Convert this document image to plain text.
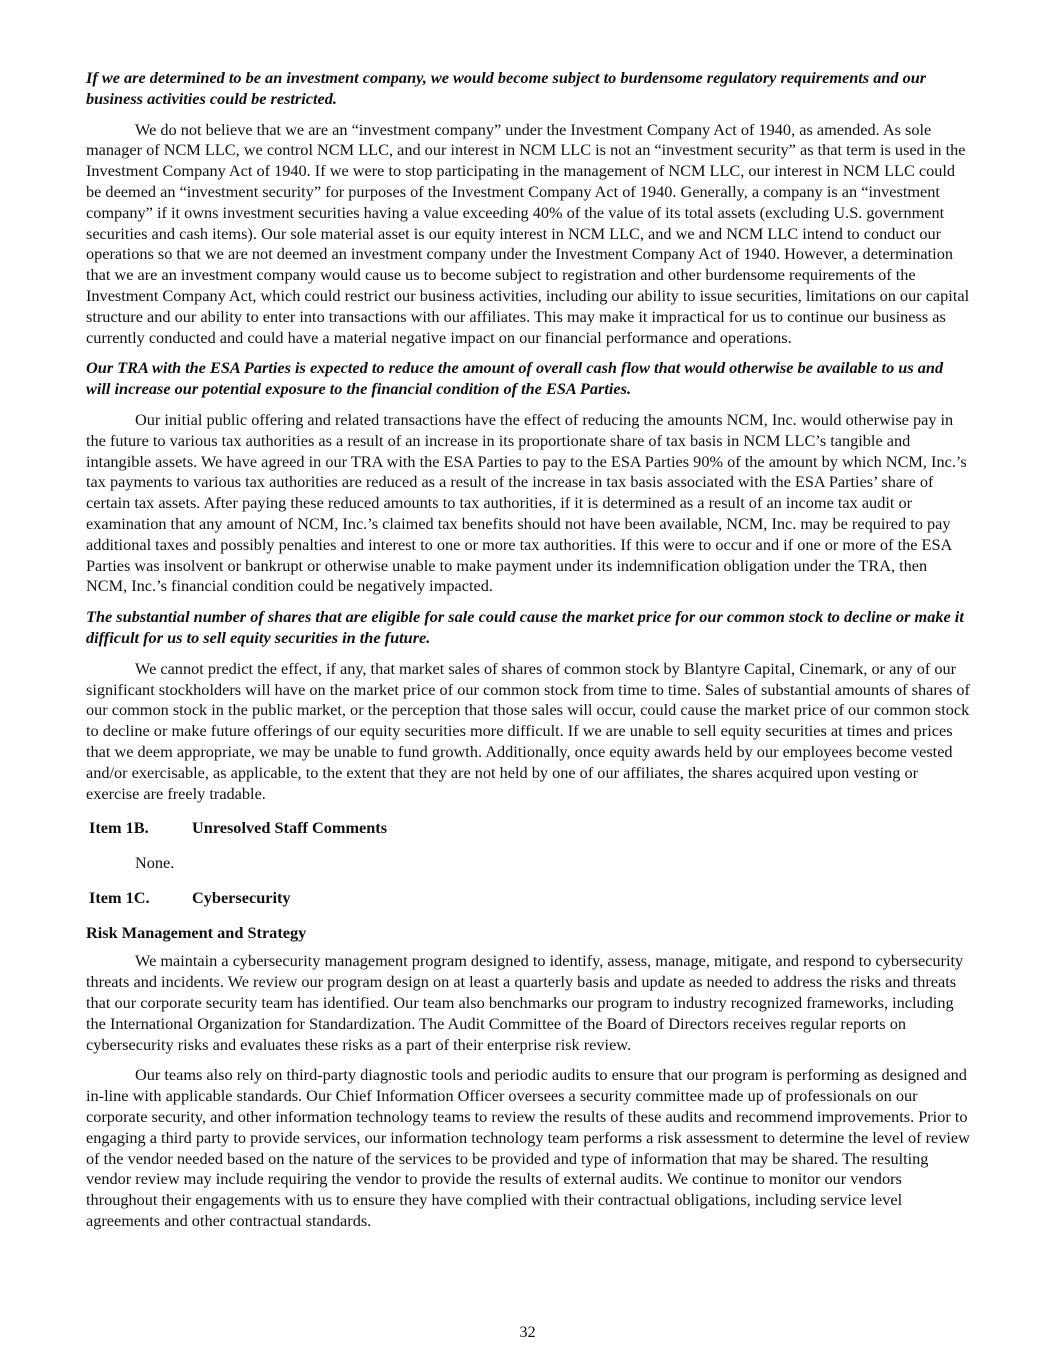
If we are determined to be an investment company, we would become subject to burdensome regulatory requirements and our business activities could be restricted.

We do not believe that we are an “investment company” under the Investment Company Act of 1940, as amended. As sole manager of NCM LLC, we control NCM LLC, and our interest in NCM LLC is not an “investment security” as that term is used in the Investment Company Act of 1940. If we were to stop participating in the management of NCM LLC, our interest in NCM LLC could be deemed an “investment security” for purposes of the Investment Company Act of 1940. Generally, a company is an “investment company” if it owns investment securities having a value exceeding 40% of the value of its total assets (excluding U.S. government securities and cash items). Our sole material asset is our equity interest in NCM LLC, and we and NCM LLC intend to conduct our operations so that we are not deemed an investment company under the Investment Company Act of 1940. However, a determination that we are an investment company would cause us to become subject to registration and other burdensome requirements of the Investment Company Act, which could restrict our business activities, including our ability to issue securities, limitations on our capital structure and our ability to enter into transactions with our affiliates. This may make it impractical for us to continue our business as currently conducted and could have a material negative impact on our financial performance and operations.

Our TRA with the ESA Parties is expected to reduce the amount of overall cash flow that would otherwise be available to us and will increase our potential exposure to the financial condition of the ESA Parties.

Our initial public offering and related transactions have the effect of reducing the amounts NCM, Inc. would otherwise pay in the future to various tax authorities as a result of an increase in its proportionate share of tax basis in NCM LLC’s tangible and intangible assets. We have agreed in our TRA with the ESA Parties to pay to the ESA Parties 90% of the amount by which NCM, Inc.’s tax payments to various tax authorities are reduced as a result of the increase in tax basis associated with the ESA Parties’ share of certain tax assets. After paying these reduced amounts to tax authorities, if it is determined as a result of an income tax audit or examination that any amount of NCM, Inc.’s claimed tax benefits should not have been available, NCM, Inc. may be required to pay additional taxes and possibly penalties and interest to one or more tax authorities. If this were to occur and if one or more of the ESA Parties was insolvent or bankrupt or otherwise unable to make payment under its indemnification obligation under the TRA, then NCM, Inc.’s financial condition could be negatively impacted.

The substantial number of shares that are eligible for sale could cause the market price for our common stock to decline or make it difficult for us to sell equity securities in the future.

We cannot predict the effect, if any, that market sales of shares of common stock by Blantyre Capital, Cinemark, or any of our significant stockholders will have on the market price of our common stock from time to time. Sales of substantial amounts of shares of our common stock in the public market, or the perception that those sales will occur, could cause the market price of our common stock to decline or make future offerings of our equity securities more difficult. If we are unable to sell equity securities at times and prices that we deem appropriate, we may be unable to fund growth. Additionally, once equity awards held by our employees become vested and/or exercisable, as applicable, to the extent that they are not held by one of our affiliates, the shares acquired upon vesting or exercise are freely tradable.

Item 1B.	Unresolved Staff Comments

None.

Item 1C.	Cybersecurity

Risk Management and Strategy

We maintain a cybersecurity management program designed to identify, assess, manage, mitigate, and respond to cybersecurity threats and incidents. We review our program design on at least a quarterly basis and update as needed to address the risks and threats that our corporate security team has identified. Our team also benchmarks our program to industry recognized frameworks, including the International Organization for Standardization. The Audit Committee of the Board of Directors receives regular reports on cybersecurity risks and evaluates these risks as a part of their enterprise risk review.

Our teams also rely on third-party diagnostic tools and periodic audits to ensure that our program is performing as designed and in-line with applicable standards. Our Chief Information Officer oversees a security committee made up of professionals on our corporate security, and other information technology teams to review the results of these audits and recommend improvements. Prior to engaging a third party to provide services, our information technology team performs a risk assessment to determine the level of review of the vendor needed based on the nature of the services to be provided and type of information that may be shared. The resulting vendor review may include requiring the vendor to provide the results of external audits. We continue to monitor our vendors throughout their engagements with us to ensure they have complied with their contractual obligations, including service level agreements and other contractual standards.

32
